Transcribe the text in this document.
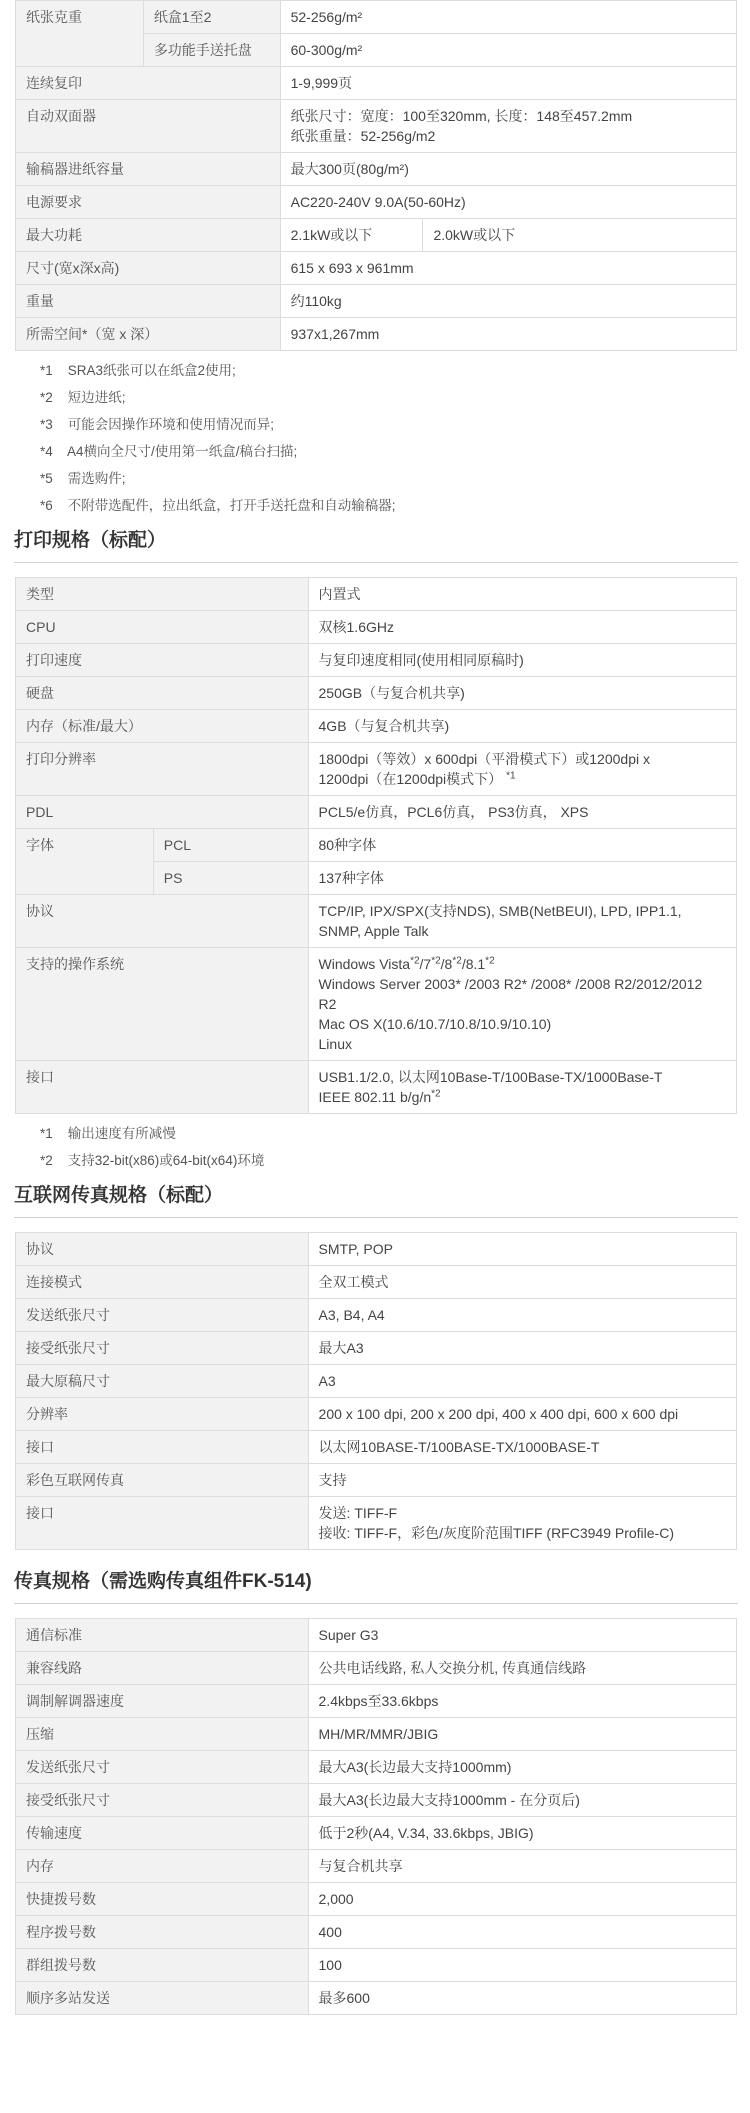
纸张克重	纸盒1至2	52-256g/m²	
	多功能手送托盘	60-300g/m²	
连续复印		1-9,999页	
自动双面器		纸张尺寸：宽度：100至320mm, 长度：148至457.2mm
纸张重量：52-256g/m2	

输稿器进纸容量		最大300页(80g/m²)	
电源要求		AC220-240V 9.0A(50-60Hz)	
最大功耗		2.1kW或以下	2.0kW或以下
尺寸(宽x深x高)		615 x 693 x 961mm	
重量		约110kg	
所需空间*（宽 x 深）		937x1,267mm	
*1 SRA3纸张可以在纸盒2使用;
*2 短边进纸;
*3 可能会因操作环境和使用情况而异;
*4 A4横向全尺寸/使用第一纸盒/稿台扫描;
*5 需选购件;
*6 不附带选配件，拉出纸盒，打开手送托盘和自动输稿器;
打印规格（标配）
类型		内置式
CPU		双核1.6GHz
打印速度		与复印速度相同(使用相同原稿时)
硬盘		250GB（与复合机共享)
内存（标准/最大）		4GB（与复合机共享)
打印分辨率		1800dpi（等效）x 600dpi（平滑模式下）或1200dpi x
1200dpi（在1200dpi模式下） $^{*1}$

PDL		PCL5/e仿真，PCL6仿真， PS3仿真， XPS
字体	PCL	80种字体
	PS	137种字体
协议		TCP/IP, IPX/SPX(支持NDS), SMB(NetBEUI), LPD, IPP1.1,
SNMP, Apple Talk

支持的操作系统		Windows Vista$^{*2}$/7$^{*2}$/8$^{*2}$/8.1$^{*2}$
Windows Server 2003* /2003 R2* /2008* /2008 R2/2012/2012
R2
Mac OS X(10.6/10.7/10.8/10.9/10.10)
Linux

接口		USB1.1/2.0, 以太网10Base-T/100Base-TX/1000Base-T
IEEE 802.11 $b/g/n^{*2}$
*1 输出速度有所减慢
*2 支持32-bit(x86)或64-bit(x64)环境
互联网传真规格（标配）
协议	SMTP, POP
连接模式	全双工模式
发送纸张尺寸	A3, B4, A4
接受纸张尺寸	最大A3
最大原稿尺寸	A3
分辨率	200 x 100 dpi, 200 x 200 dpi, 400 x 400 dpi, 600 x 600 dpi
接口	以太网10BASE-T/100BASE-TX/1000BASE-T
彩色互联网传真	支持
接口	发送: TIFF-F
接收: TIFF-F，彩色/灰度阶范围TIFF (RFC3949 Profile-C)
传真规格（需选购传真组件FK-514)
通信标准	Super G3
兼容线路	公共电话线路, 私人交换分机, 传真通信线路
调制解调器速度	2.4kbps至33.6kbps
压缩	MH/MR/MMR/JBIG
发送纸张尺寸	最大A3(长边最大支持1000mm)
接受纸张尺寸	最大A3(长边最大支持1000mm - 在分页后)
传输速度	低于2秒(A4, V.34, 33.6kbps, JBIG)
内存	与复合机共享
快捷拨号数	2,000
程序拨号数	400
群组拨号数	100
顺序多站发送	最多600
